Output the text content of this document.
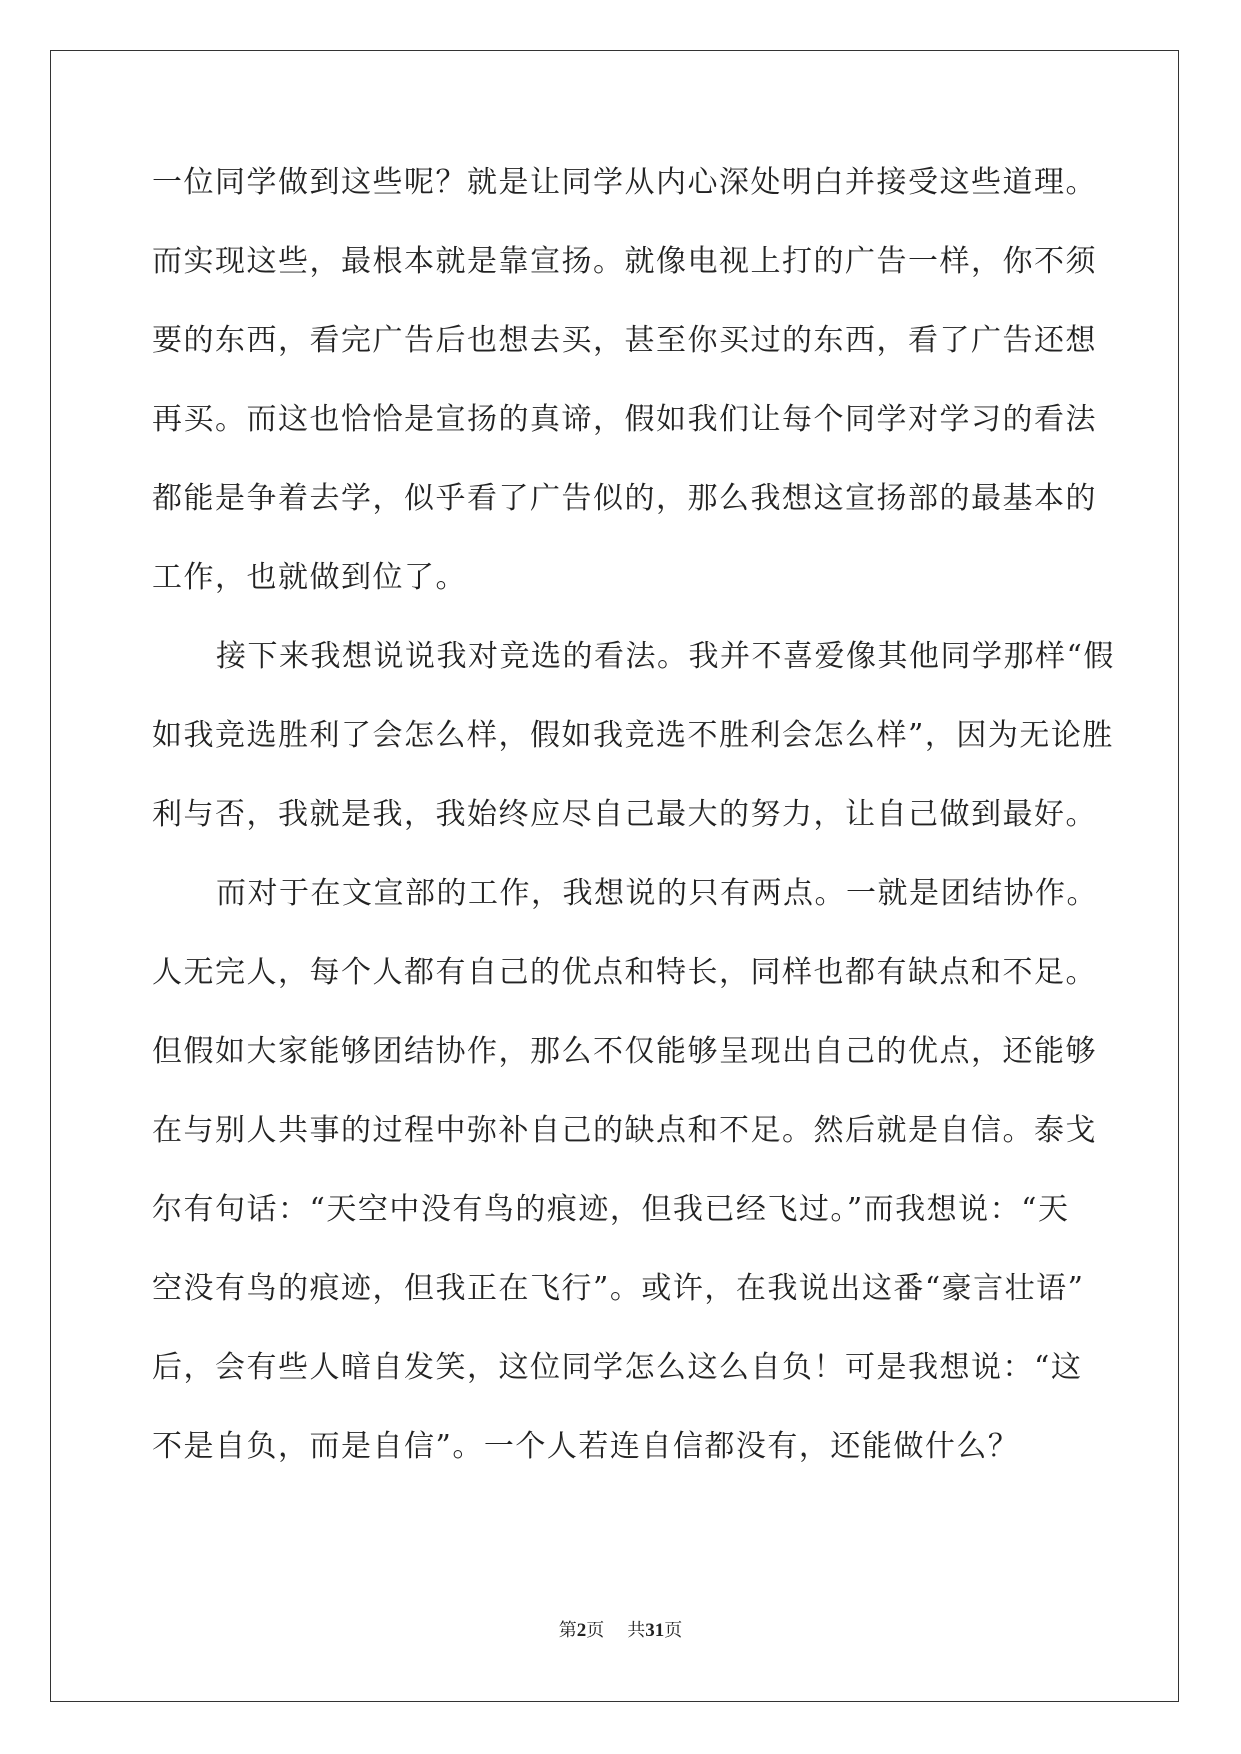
一位同学做到这些呢？就是让同学从内心深处明白并接受这些道理。
而实现这些，最根本就是靠宣扬。就像电视上打的广告一样，你不须
要的东西，看完广告后也想去买，甚至你买过的东西，看了广告还想
再买。而这也恰恰是宣扬的真谛，假如我们让每个同学对学习的看法
都能是争着去学，似乎看了广告似的，那么我想这宣扬部的最基本的
工作，也就做到位了。
接下来我想说说我对竞选的看法。我并不喜爱像其他同学那样“假
如我竞选胜利了会怎么样，假如我竞选不胜利会怎么样”，因为无论胜
利与否，我就是我，我始终应尽自己最大的努力，让自己做到最好。
而对于在文宣部的工作，我想说的只有两点。一就是团结协作。
人无完人，每个人都有自己的优点和特长，同样也都有缺点和不足。
但假如大家能够团结协作，那么不仅能够呈现出自己的优点，还能够
在与别人共事的过程中弥补自己的缺点和不足。然后就是自信。泰戈
尔有句话：“天空中没有鸟的痕迹，但我已经飞过。”而我想说：“天
空没有鸟的痕迹，但我正在飞行”。或许，在我说出这番“豪言壮语”
后，会有些人暗自发笑，这位同学怎么这么自负！可是我想说：“这
不是自负，而是自信”。一个人若连自信都没有，还能做什么？
第2页 共31页
